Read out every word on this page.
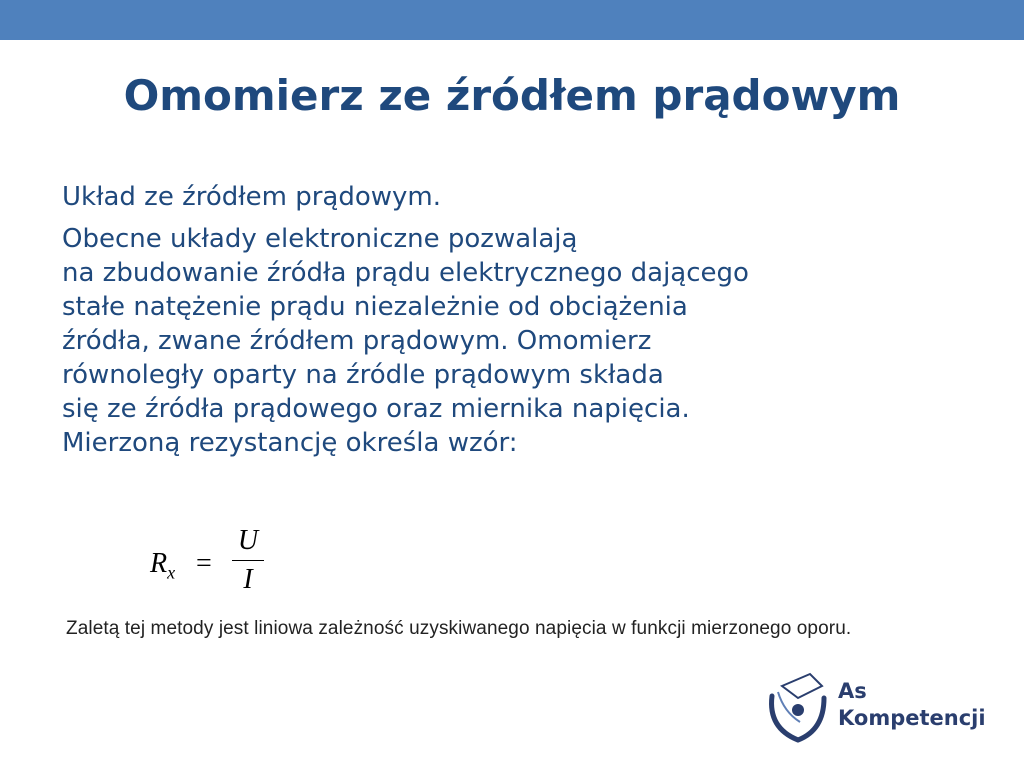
Omomierz ze źródłem prądowym

Układ ze źródłem prądowym.

Obecne układy elektroniczne pozwalają
na zbudowanie źródła prądu elektrycznego dającego
stałe natężenie prądu niezależnie od obciążenia
źródła, zwane źródłem prądowym. Omomierz
równoległy oparty na źródle prądowym składa
się ze źródła prądowego oraz miernika napięcia.
Mierzoną rezystancję określa wzór:

$R_x$ =
U
I
Zaletą tej metody jest liniowa zależność uzyskiwanego napięcia w funkcji mierzonego oporu.
As
Kompetencji
